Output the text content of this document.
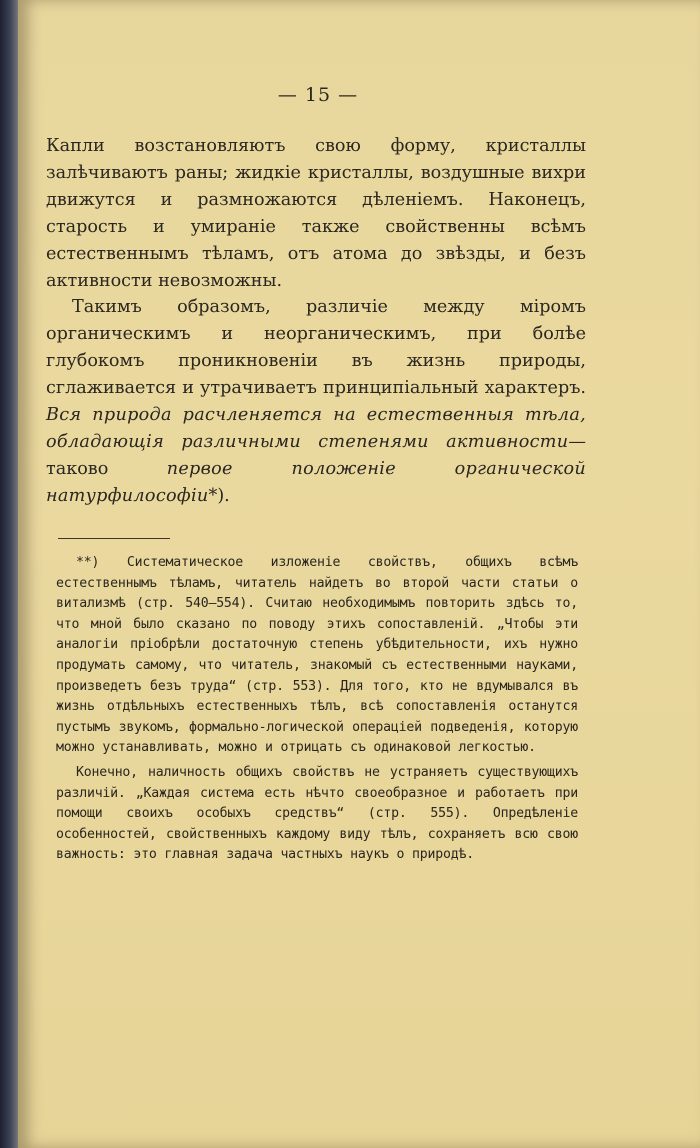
— 15 —

Капли возстановляютъ свою форму, кристаллы залѣчиваютъ раны; жидкіе кристаллы, воздушные вихри движутся и размножаются дѣленіемъ. Наконецъ, старость и умираніе также свойственны всѣмъ естественнымъ тѣламъ, отъ атома до звѣзды, и безъ активности невозможны.

Такимъ образомъ, различіе между міромъ органическимъ и неорганическимъ, при болѣе глубокомъ проникновеніи въ жизнь природы, сглаживается и утрачиваетъ принципіальный характеръ. Вся природа расчленяется на естественныя тѣла, обладающія различными степенями активности—таково	первое положеніе органической натурфилософіи*).

**) Систематическое изложеніе свойствъ, общихъ всѣмъ естественнымъ тѣламъ, читатель найдетъ во второй части статьи о витализмѣ (стр. 540—554). Считаю необходимымъ повторить здѣсь то, что мной было сказано по поводу этихъ сопоставленій. „Чтобы эти аналогіи пріобрѣли достаточную степень убѣдительности, ихъ нужно продумать самому, что читатель, знакомый съ естественными науками, произведетъ безъ труда“ (стр. 553). Для того, кто не вдумывался въ жизнь отдѣльныхъ естественныхъ тѣлъ, всѣ сопоставленія останутся пустымъ звукомъ, формально-логической операціей подведенія, которую можно устанавливать, можно и отрицать съ одинаковой легкостью.

Конечно, наличность общихъ свойствъ не устраняетъ существующихъ различій. „Каждая система есть нѣчто своеобразное и работаетъ при помощи своихъ особыхъ средствъ“ (стр. 555). Опредѣленіе особенностей, свойственныхъ каждому виду тѣлъ, сохраняетъ всю свою важность: это главная задача частныхъ наукъ о природѣ.
